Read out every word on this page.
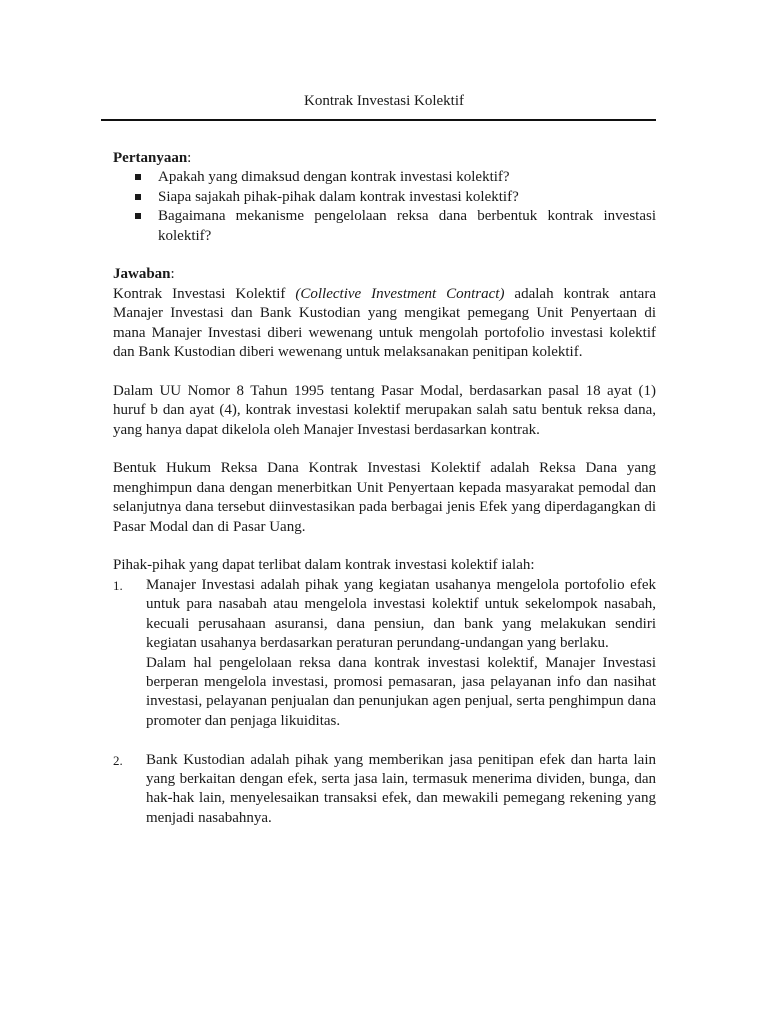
Kontrak Investasi Kolektif

Pertanyaan:

Apakah yang dimaksud dengan kontrak investasi kolektif?
Siapa sajakah pihak-pihak dalam kontrak investasi kolektif?
Bagaimana mekanisme pengelolaan reksa dana berbentuk kontrak investasi kolektif?

Jawaban:

Kontrak Investasi Kolektif (Collective Investment Contract) adalah kontrak antara Manajer Investasi dan Bank Kustodian yang mengikat pemegang Unit Penyertaan di mana Manajer Investasi diberi wewenang untuk mengolah portofolio investasi kolektif dan Bank Kustodian diberi wewenang untuk melaksanakan penitipan kolektif.

Dalam UU Nomor 8 Tahun 1995 tentang Pasar Modal, berdasarkan pasal 18 ayat (1) huruf b dan ayat (4), kontrak investasi kolektif merupakan salah satu bentuk reksa dana, yang hanya dapat dikelola oleh Manajer Investasi berdasarkan kontrak.

Bentuk Hukum Reksa Dana Kontrak Investasi Kolektif adalah Reksa Dana yang menghimpun dana dengan menerbitkan Unit Penyertaan kepada masyarakat pemodal dan selanjutnya dana tersebut diinvestasikan pada berbagai jenis Efek yang diperdagangkan di Pasar Modal dan di Pasar Uang.

Pihak-pihak yang dapat terlibat dalam kontrak investasi kolektif ialah:

1. Manajer Investasi adalah pihak yang kegiatan usahanya mengelola portofolio efek untuk para nasabah atau mengelola investasi kolektif untuk sekelompok nasabah, kecuali perusahaan asuransi, dana pensiun, dan bank yang melakukan sendiri kegiatan usahanya berdasarkan peraturan perundang-undangan yang berlaku.

Dalam hal pengelolaan reksa dana kontrak investasi kolektif, Manajer Investasi berperan mengelola investasi, promosi pemasaran, jasa pelayanan info dan nasihat investasi, pelayanan penjualan dan penunjukan agen penjual, serta penghimpun dana promoter dan penjaga likuiditas.

2. Bank Kustodian adalah pihak yang memberikan jasa penitipan efek dan harta lain yang berkaitan dengan efek, serta jasa lain, termasuk menerima dividen, bunga, dan hak-hak lain, menyelesaikan transaksi efek, dan mewakili pemegang rekening yang menjadi nasabahnya.
